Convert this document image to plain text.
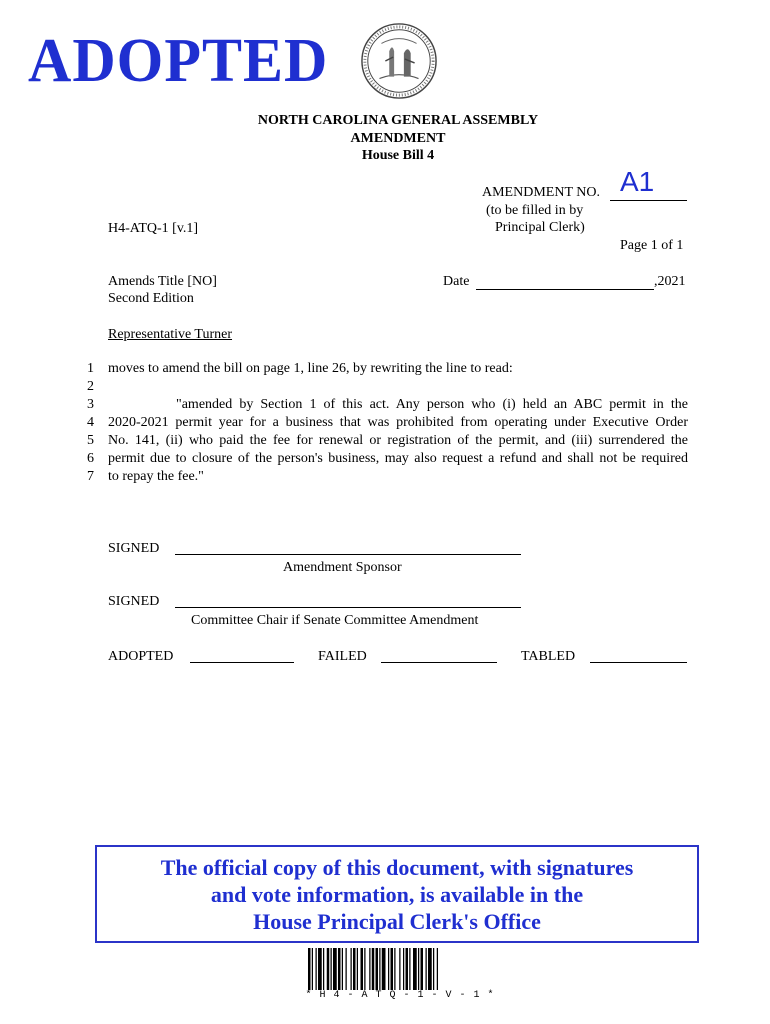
ADOPTED
NORTH CAROLINA GENERAL ASSEMBLY
AMENDMENT
House Bill 4
AMENDMENT NO. A1
(to be filled in by
Principal Clerk)
H4-ATQ-1 [v.1]
Page 1 of 1
Amends Title [NO]
Second Edition
Date	,2021
Representative Turner
1
2
3
4
5
6
7
moves to amend the bill on page 1, line 26, by rewriting the line to read:
"amended by Section 1 of this act. Any person who (i) held an ABC permit in the
2020-2021 permit year for a business that was prohibited from operating under Executive Order
No. 141, (ii) who paid the fee for renewal or registration of the permit, and (iii) surrendered the
permit due to closure of the person's business, may also request a refund and shall not be required
to repay the fee."
SIGNED
Amendment Sponsor
SIGNED
Committee Chair if Senate Committee Amendment
ADOPTED	FAILED	TABLED
The official copy of this document, with signatures
and vote information, is available in the
House Principal Clerk's Office
* H 4 - A T Q - 1 - V - 1 *
